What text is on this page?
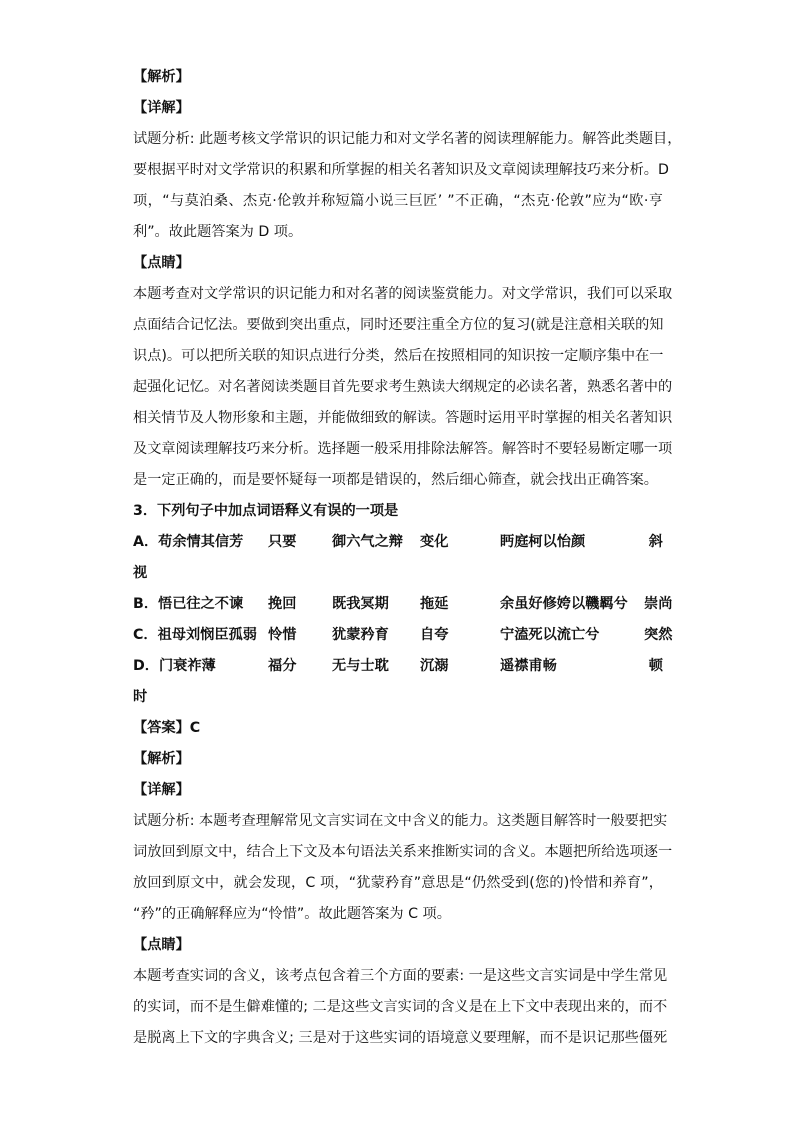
【解析】

【详解】

试题分析: 此题考核文学常识的识记能力和对文学名著的阅读理解能力。解答此类题目，

要根据平时对文学常识的积累和所掌握的相关名著知识及文章阅读理解技巧来分析。D

项，“与莫泊桑、杰克·伦敦并称短篇小说三巨匠’ ”不正确，“杰克·伦敦”应为“欧·亨

利”。故此题答案为 D 项。

【点睛】

本题考查对文学常识的识记能力和对名著的阅读鉴赏能力。对文学常识，我们可以采取

点面结合记忆法。要做到突出重点，同时还要注重全方位的复习(就是注意相关联的知

识点)。可以把所关联的知识点进行分类，然后在按照相同的知识按一定顺序集中在一

起强化记忆。对名著阅读类题目首先要求考生熟读大纲规定的必读名著，熟悉名著中的

相关情节及人物形象和主题，并能做细致的解读。答题时运用平时掌握的相关名著知识

及文章阅读理解技巧来分析。选择题一般采用排除法解答。解答时不要轻易断定哪一项

是一定正确的，而是要怀疑每一项都是错误的，然后细心筛查，就会找出正确答案。

3．下列句子中加点词语释义有误的一项是

A．苟余情其信芳	只要	御六气之辩	变化	眄庭柯以怡颜	斜

视

B．悟已往之不谏	挽回	既我冥期	拖延	余虽好修姱以鞿羁兮	崇尚
C．祖母刘悯臣孤弱 怜惜	犹蒙矜育	自夸	宁溘死以流亡兮	突然
D．门衰祚薄	福分	无与士耽	沉溺	遥襟甫畅	顿

时

【答案】C

【解析】

【详解】

试题分析: 本题考查理解常见文言实词在文中含义的能力。这类题目解答时一般要把实

词放回到原文中，结合上下文及本句语法关系来推断实词的含义。本题把所给选项逐一

放回到原文中，就会发现，C 项，“犹蒙矜育”意思是“仍然受到(您的)怜惜和养育”，

“矜”的正确解释应为“怜惜”。故此题答案为 C 项。

【点睛】

本题考查实词的含义，该考点包含着三个方面的要素: 一是这些文言实词是中学生常见

的实词，而不是生僻难懂的; 二是这些文言实词的含义是在上下文中表现出来的，而不

是脱离上下文的字典含义; 三是对于这些实词的语境意义要理解，而不是识记那些僵死
